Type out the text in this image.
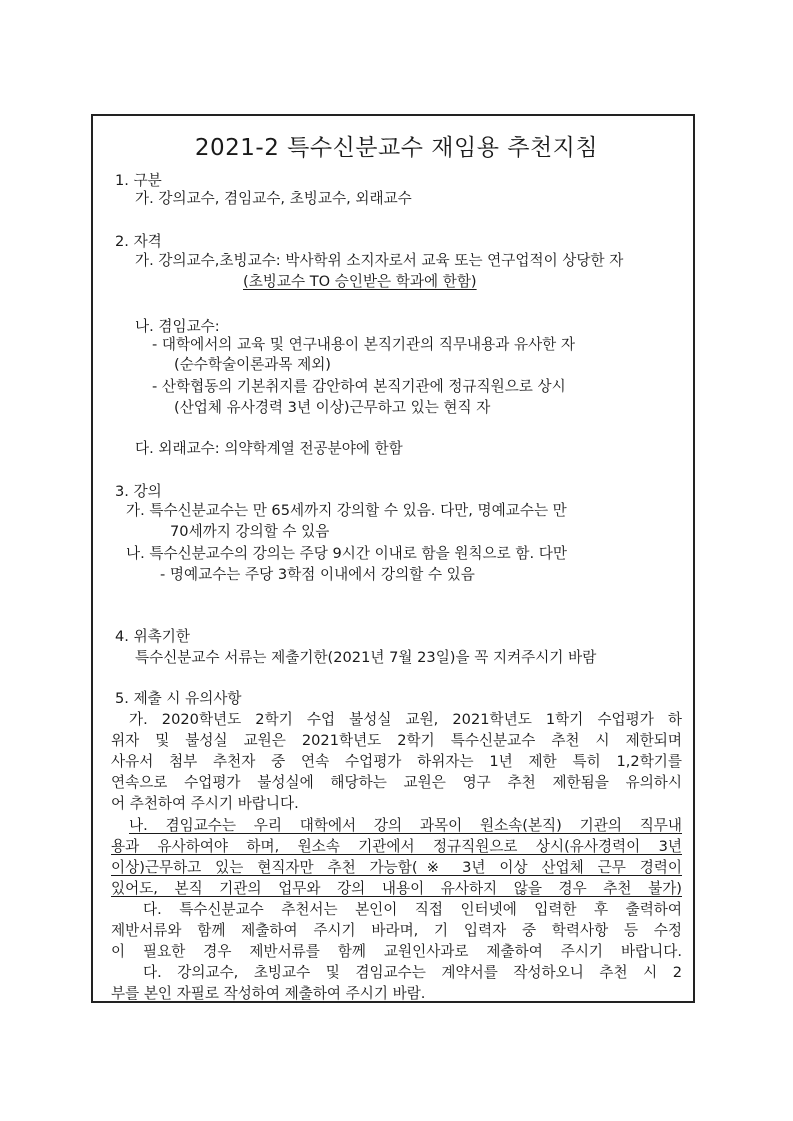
2021-2 특수신분교수 재임용 추천지침
1. 구분
가. 강의교수, 겸임교수, 초빙교수, 외래교수
2. 자격
가. 강의교수,초빙교수: 박사학위 소지자로서 교육 또는 연구업적이 상당한 자
(초빙교수 TO 승인받은 학과에 한함)
나. 겸임교수:
- 대학에서의 교육 및 연구내용이 본직기관의 직무내용과 유사한 자
(순수학술이론과목 제외)
- 산학협동의 기본취지를 감안하여 본직기관에 정규직원으로 상시
(산업체 유사경력 3년 이상)근무하고 있는 현직 자
다. 외래교수: 의약학계열 전공분야에 한함
3. 강의
가. 특수신분교수는 만 65세까지 강의할 수 있음. 다만, 명예교수는 만
70세까지 강의할 수 있음
나. 특수신분교수의 강의는 주당 9시간 이내로 함을 원칙으로 함. 다만
- 명예교수는 주당 3학점 이내에서 강의할 수 있음
4. 위촉기한
특수신분교수 서류는 제출기한(2021년 7월 23일)을 꼭 지켜주시기 바람
5. 제출 시 유의사항
가. 2020학년도 2학기 수업 불성실 교원, 2021학년도 1학기 수업평가 하
위자 및 불성실 교원은 2021학년도 2학기 특수신분교수 추천 시 제한되며
사유서 첨부 추천자 중 연속 수업평가 하위자는 1년 제한 특히 1,2학기를
연속으로 수업평가 불성실에 해당하는 교원은 영구 추천 제한됨을 유의하시
어 추천하여 주시기 바랍니다.
나. 겸임교수는 우리 대학에서 강의 과목이 원소속(본직) 기관의 직무내
용과 유사하여야 하며, 원소속 기관에서 정규직원으로 상시(유사경력이 3년
이상)근무하고 있는 현직자만 추천 가능함(※ 3년 이상 산업체 근무 경력이
있어도, 본직 기관의 업무와 강의 내용이 유사하지 않을 경우 추천 불가)
다. 특수신분교수 추천서는 본인이 직접 인터넷에 입력한 후 출력하여
제반서류와 함께 제출하여 주시기 바라며, 기 입력자 중 학력사항 등 수정
이 필요한 경우 제반서류를 함께 교원인사과로 제출하여 주시기 바랍니다.
다. 강의교수, 초빙교수 및 겸임교수는 계약서를 작성하오니 추천 시 2
부를 본인 자필로 작성하여 제출하여 주시기 바람.
